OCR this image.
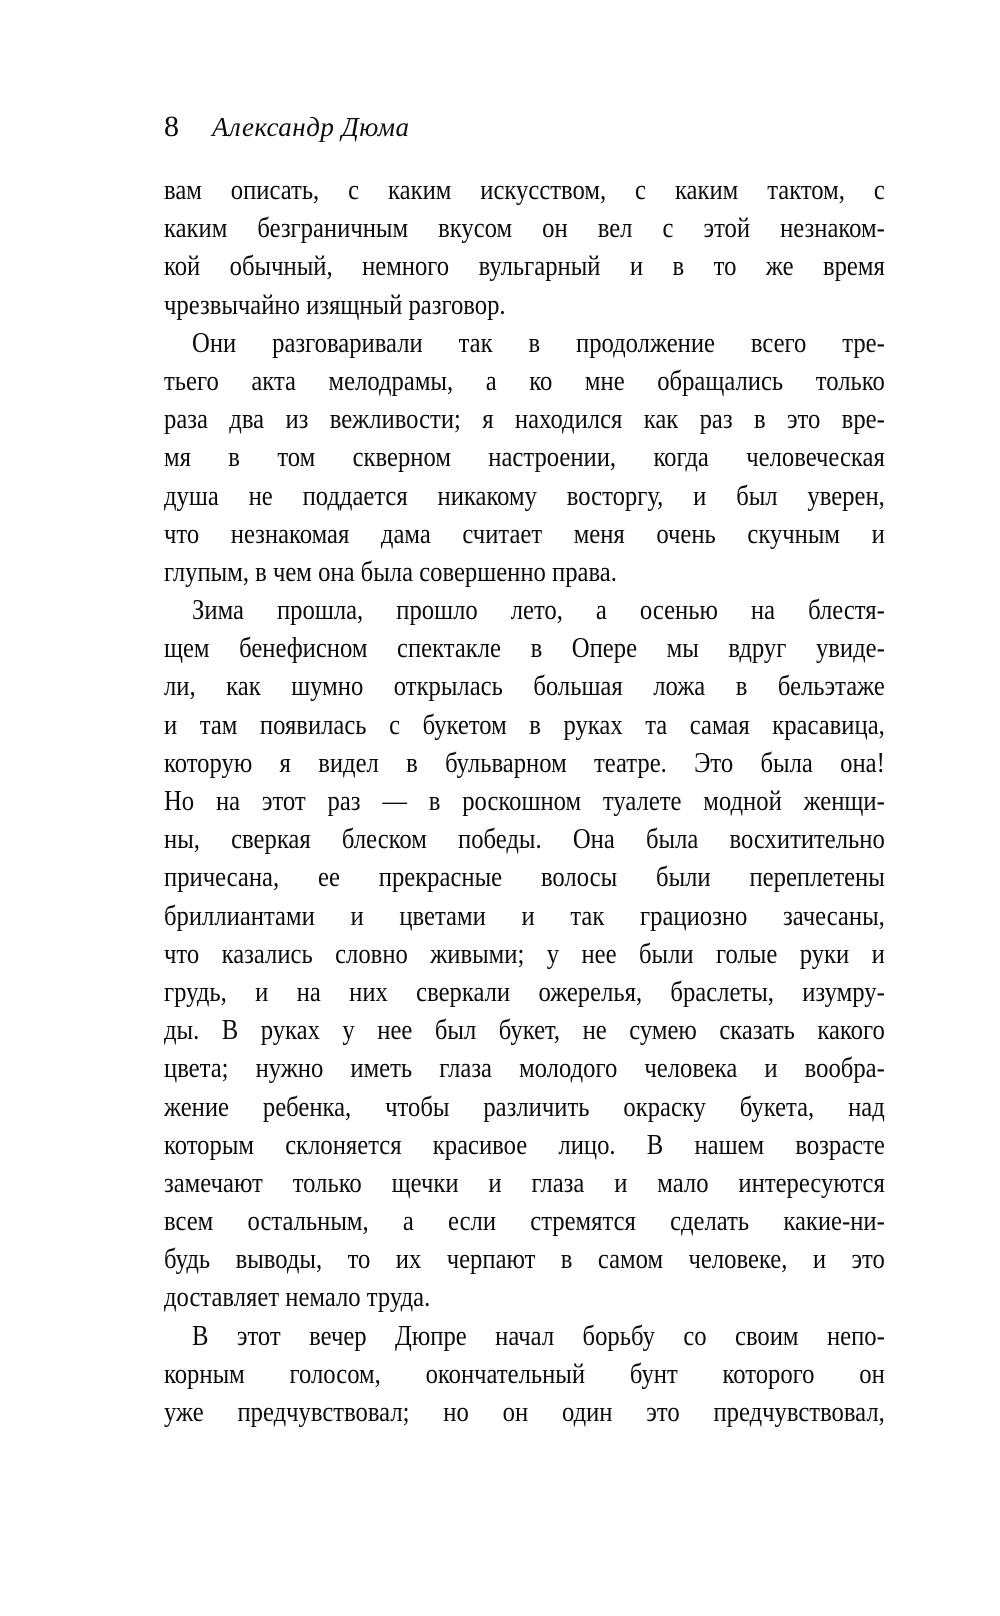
8 Александр Дюма
вам описать, с каким искусством, с каким тактом, с
каким безграничным вкусом он вел с этой незнаком-
кой обычный, немного вульгарный и в то же время
чрезвычайно изящный разговор.
Они разговаривали так в продолжение всего тре-
тьего акта мелодрамы, а ко мне обращались только
раза два из вежливости; я находился как раз в это вре-
мя в том скверном настроении, когда человеческая
душа не поддается никакому восторгу, и был уверен,
что незнакомая дама считает меня очень скучным и
глупым, в чем она была совершенно права.
Зима прошла, прошло лето, а осенью на блестя-
щем бенефисном спектакле в Опере мы вдруг увиде-
ли, как шумно открылась большая ложа в бельэтаже
и там появилась с букетом в руках та самая красавица,
которую я видел в бульварном театре. Это была она!
Но на этот раз — в роскошном туалете модной женщи-
ны, сверкая блеском победы. Она была восхитительно
причесана, ее прекрасные волосы были переплетены
бриллиантами и цветами и так грациозно зачесаны,
что казались словно живыми; у нее были голые руки и
грудь, и на них сверкали ожерелья, браслеты, изумру-
ды. В руках у нее был букет, не сумею сказать какого
цвета; нужно иметь глаза молодого человека и вообра-
жение ребенка, чтобы различить окраску букета, над
которым склоняется красивое лицо. В нашем возрасте
замечают только щечки и глаза и мало интересуются
всем остальным, а если стремятся сделать какие-ни-
будь выводы, то их черпают в самом человеке, и это
доставляет немало труда.
В этот вечер Дюпре начал борьбу со своим непо-
корным голосом, окончательный бунт которого он
уже предчувствовал; но он один это предчувствовал,
